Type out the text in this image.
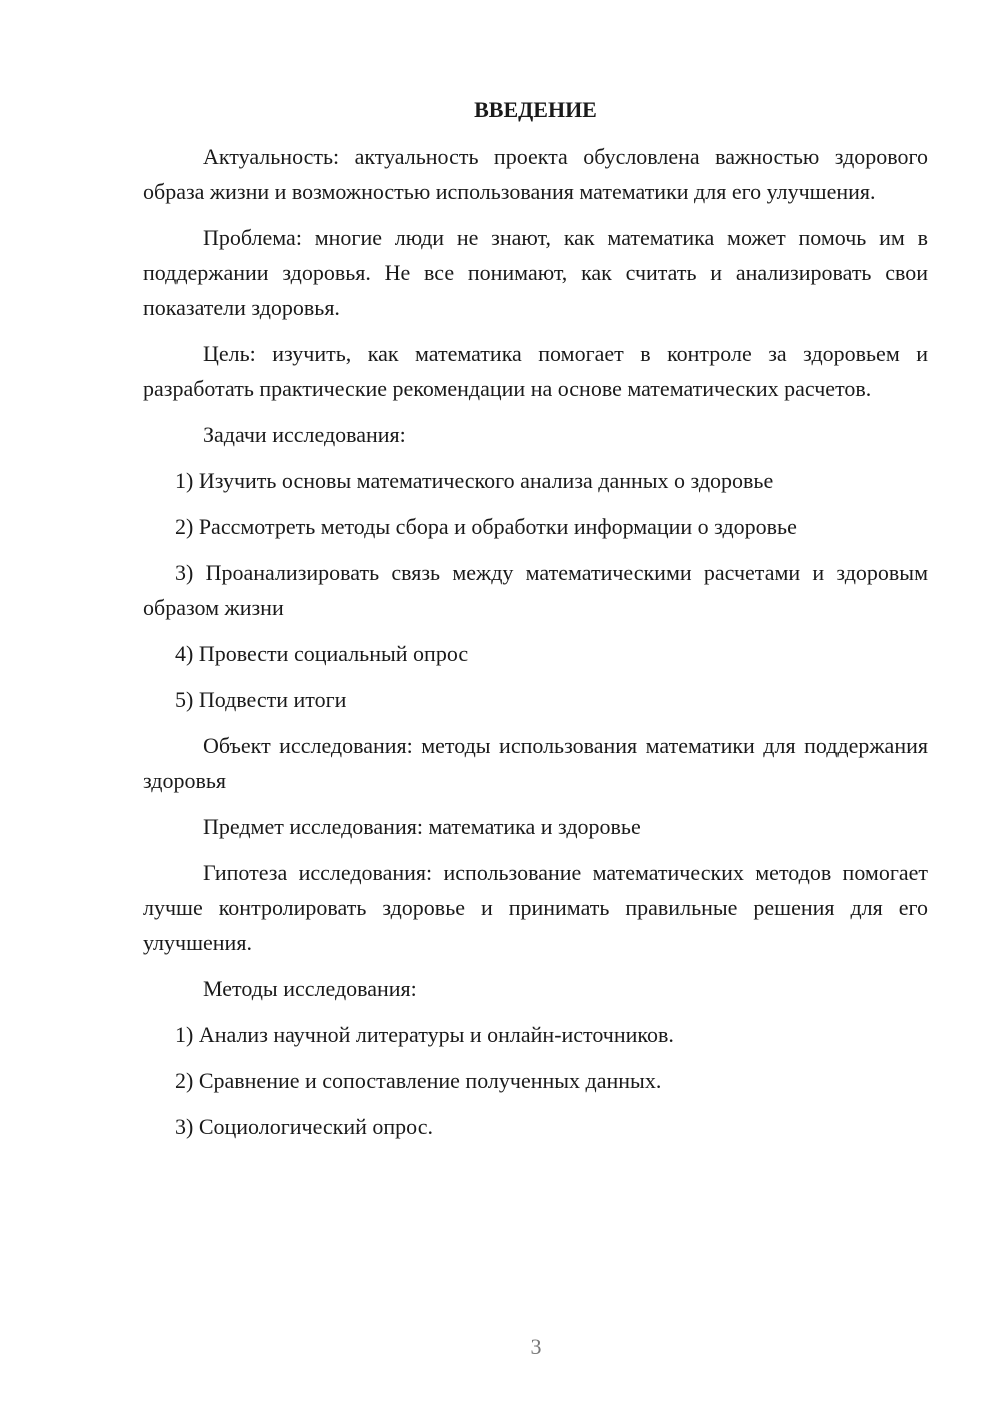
ВВЕДЕНИЕ

Актуальность: актуальность проекта обусловлена важностью здорового образа жизни и возможностью использования математики для его улучшения.

Проблема: многие люди не знают, как математика может помочь им в поддержании здоровья. Не все понимают, как считать и анализировать свои показатели здоровья.

Цель: изучить, как математика помогает в контроле за здоровьем и разработать практические рекомендации на основе математических расчетов.

Задачи исследования:

1) Изучить основы математического анализа данных о здоровье

2) Рассмотреть методы сбора и обработки информации о здоровье

3) Проанализировать связь между математическими расчетами и здоровым образом жизни

4) Провести социальный опрос

5) Подвести итоги

Объект исследования: методы использования математики для поддержания здоровья

Предмет исследования: математика и здоровье

Гипотеза исследования: использование математических методов помогает лучше контролировать здоровье и принимать правильные решения для его улучшения.

Методы исследования:

1) Анализ научной литературы и онлайн-источников.

2) Сравнение и сопоставление полученных данных.

3) Социологический опрос.

3
